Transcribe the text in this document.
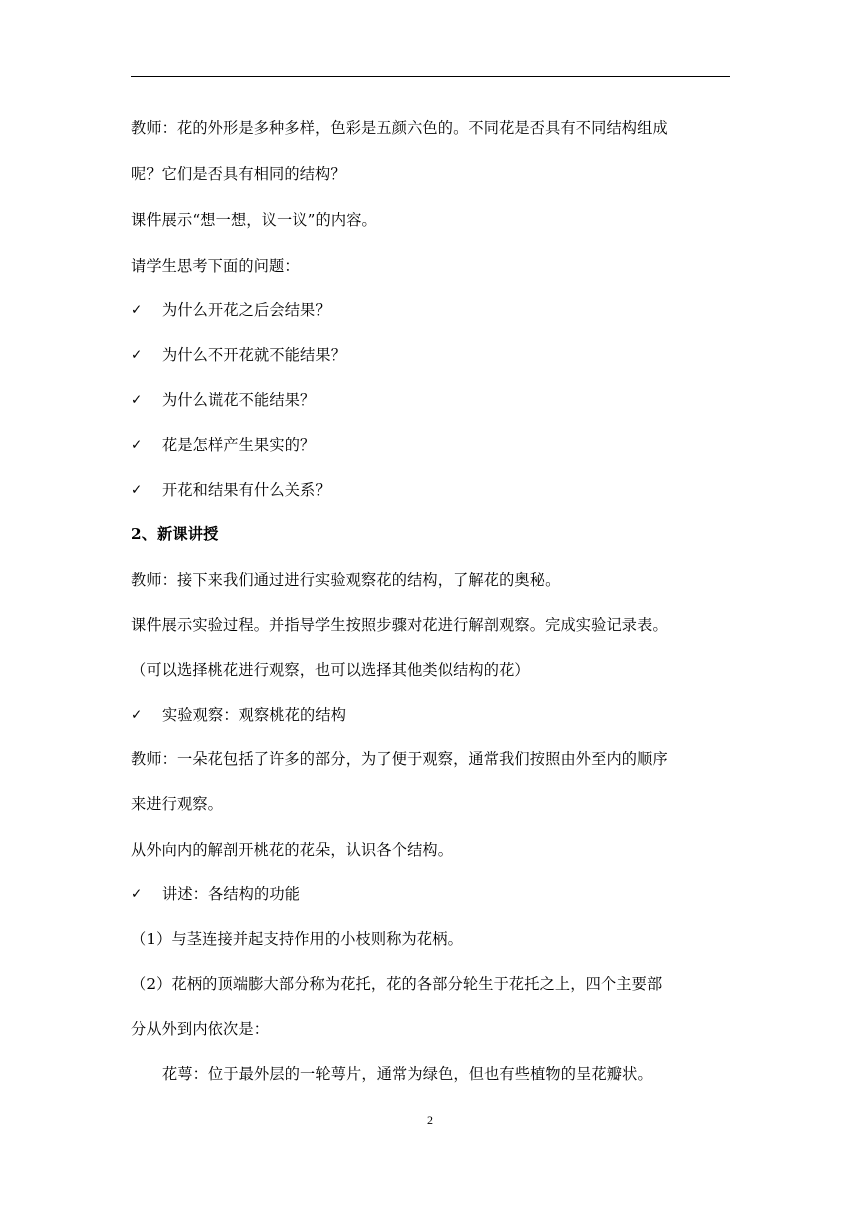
教师：花的外形是多种多样，色彩是五颜六色的。不同花是否具有不同结构组成
呢？它们是否具有相同的结构？
课件展示“想一想，议一议”的内容。
请学生思考下面的问题：
✓ 为什么开花之后会结果？
✓ 为什么不开花就不能结果？
✓ 为什么谎花不能结果？
✓ 花是怎样产生果实的？
✓ 开花和结果有什么关系？
2、新课讲授
教师：接下来我们通过进行实验观察花的结构，了解花的奥秘。
课件展示实验过程。并指导学生按照步骤对花进行解剖观察。完成实验记录表。
（可以选择桃花进行观察，也可以选择其他类似结构的花）
✓ 实验观察：观察桃花的结构
教师：一朵花包括了许多的部分，为了便于观察，通常我们按照由外至内的顺序
来进行观察。
从外向内的解剖开桃花的花朵，认识各个结构。
✓ 讲述：各结构的功能
（1）与茎连接并起支持作用的小枝则称为花柄。
（2）花柄的顶端膨大部分称为花托，花的各部分轮生于花托之上，四个主要部
分从外到内依次是：
花萼：位于最外层的一轮萼片，通常为绿色，但也有些植物的呈花瓣状。
2
